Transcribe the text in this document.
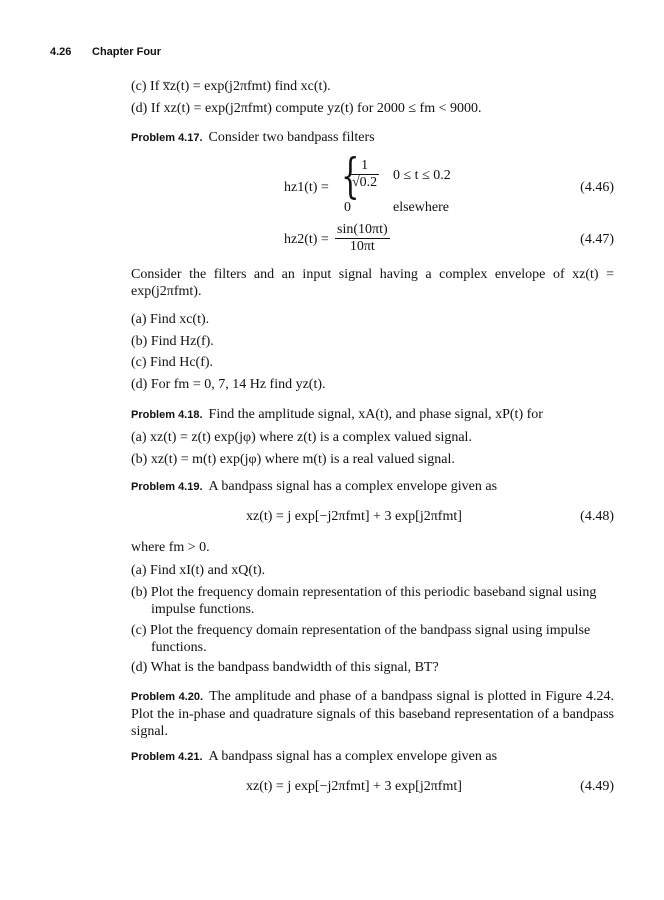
4.26 Chapter Four
(c) If x̅z(t) = exp(j2πfmt) find xc(t).
(d) If xz(t) = exp(j2πfmt) compute yz(t) for 2000 ≤ fm < 9000.
Problem 4.17. Consider two bandpass filters
hz1(t) = {
$\frac{1}{√0.2} 0 \le t \le 0.2$
0	elsewhere
(4.46)
$hz2(t) = \frac{\sin(10\pi t)}{10\pi t}$	(4.47)
Consider the filters and an input signal having a complex envelope of xz(t) = exp(j2πfmt).
(a) Find xc(t).
(b) Find Hz(f).
(c) Find Hc(f).
(d) For fm = 0, 7, 14 Hz find yz(t).
Problem 4.18. Find the amplitude signal, xA(t), and phase signal, xP(t) for
(a) xz(t) = z(t) exp(jφ) where z(t) is a complex valued signal.
(b) xz(t) = m(t) exp(jφ) where m(t) is a real valued signal.
Problem 4.19. A bandpass signal has a complex envelope given as
xz(t) = j exp[−j2πfmt] + 3 exp[j2πfmt]	(4.48)
where fm > 0.
(a) Find xI(t) and xQ(t).
(b) Plot the frequency domain representation of this periodic baseband signal using impulse functions.
(c) Plot the frequency domain representation of the bandpass signal using impulse functions.
(d) What is the bandpass bandwidth of this signal, BT?
Problem 4.20. The amplitude and phase of a bandpass signal is plotted in Figure 4.24. Plot the in-phase and quadrature signals of this baseband representation of a bandpass signal.
Problem 4.21. A bandpass signal has a complex envelope given as
xz(t) = j exp[−j2πfmt] + 3 exp[j2πfmt]	(4.49)
